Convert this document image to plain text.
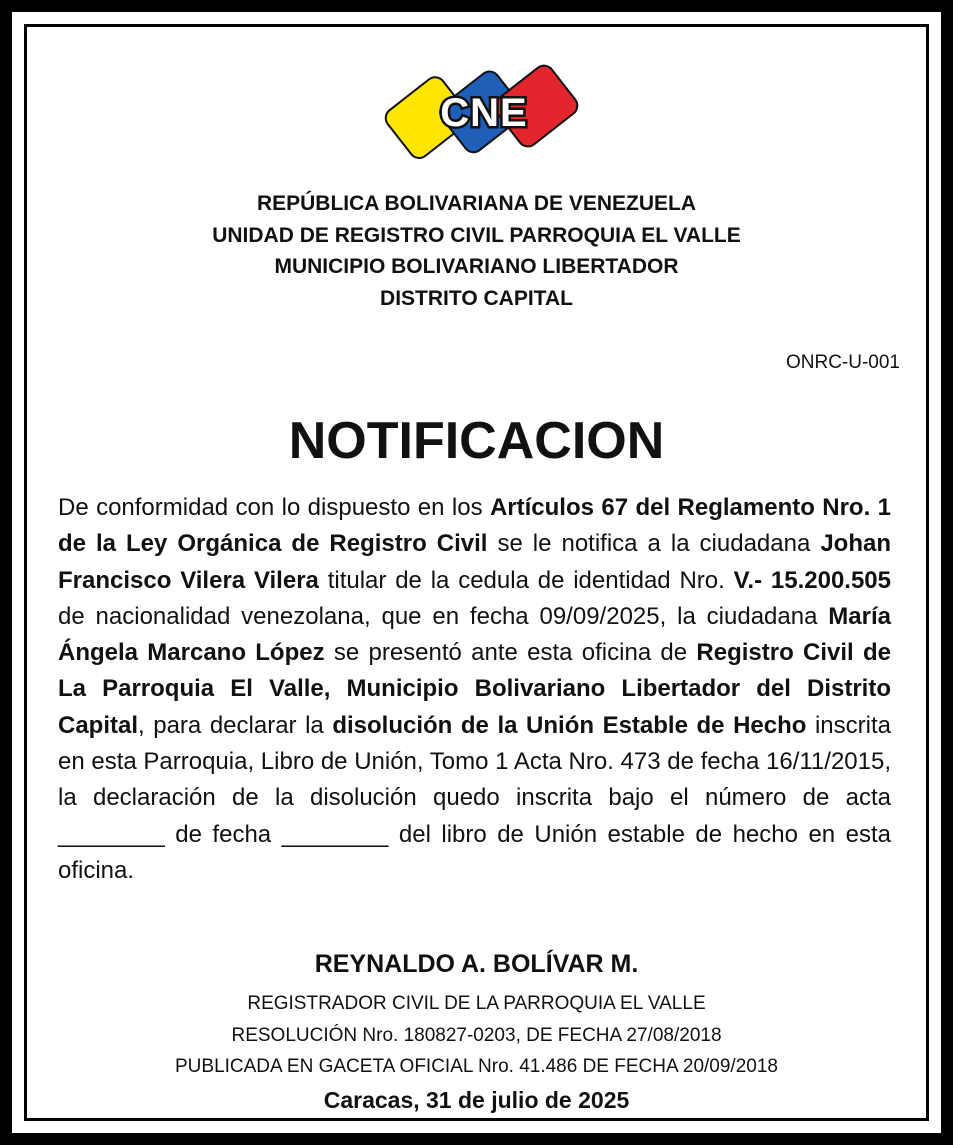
CNE
REPÚBLICA BOLIVARIANA DE VENEZUELA
UNIDAD DE REGISTRO CIVIL PARROQUIA EL VALLE
MUNICIPIO BOLIVARIANO LIBERTADOR
DISTRITO CAPITAL
ONRC-U-001
NOTIFICACION
De conformidad con lo dispuesto en los Artículos 67 del Reglamento Nro. 1 de la Ley Orgánica de Registro Civil se le notifica a la ciudadana Johan Francisco Vilera Vilera titular de la cedula de identidad Nro. V.- 15.200.505 de nacionalidad venezolana, que en fecha 09/09/2025, la ciudadana María Ángela Marcano López se presentó ante esta oficina de Registro Civil de La Parroquia El Valle, Municipio Bolivariano Libertador del Distrito Capital, para declarar la disolución de la Unión Estable de Hecho inscrita en esta Parroquia, Libro de Unión, Tomo 1 Acta Nro. 473 de fecha 16/11/2015, la declaración de la disolución quedo inscrita bajo el número de acta ________ de fecha ________ del libro de Unión estable de hecho en esta oficina.
REYNALDO A. BOLÍVAR M.
REGISTRADOR CIVIL DE LA PARROQUIA EL VALLE
RESOLUCIÓN Nro. 180827-0203, DE FECHA 27/08/2018
PUBLICADA EN GACETA OFICIAL Nro. 41.486 DE FECHA 20/09/2018
Caracas, 31 de julio de 2025
